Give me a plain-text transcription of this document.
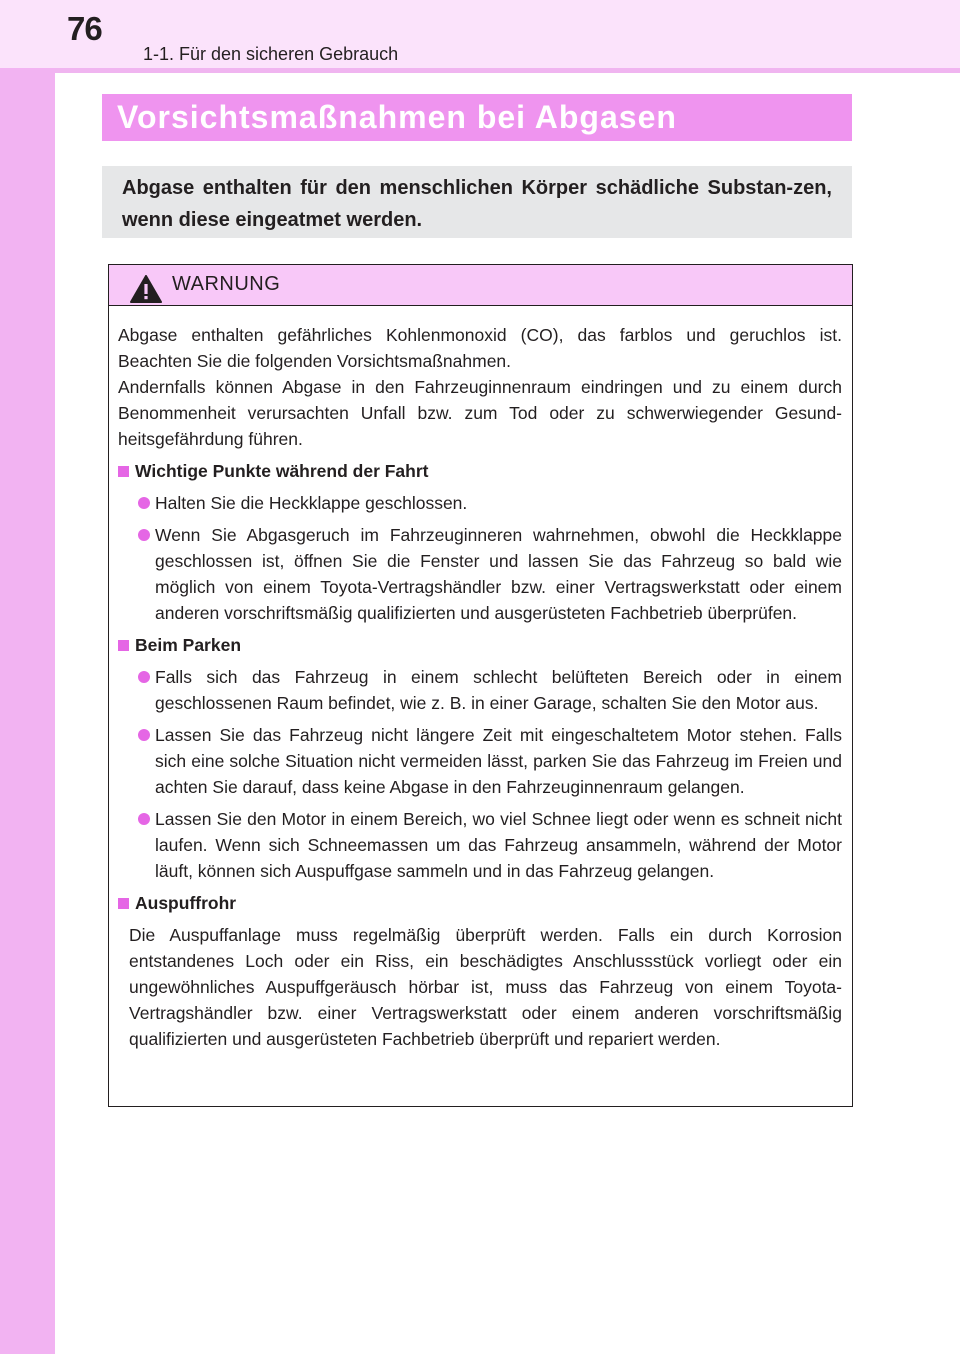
76
1-1. Für den sicheren Gebrauch
Vorsichtsmaßnahmen bei Abgasen
Abgase enthalten für den menschlichen Körper schädliche Substan-zen, wenn diese eingeatmet werden.
WARNUNG
Abgase enthalten gefährliches Kohlenmonoxid (CO), das farblos und geruchlos ist.
Beachten Sie die folgenden Vorsichtsmaßnahmen.
Andernfalls können Abgase in den Fahrzeuginnenraum eindringen und zu einem durch
Benommenheit verursachten Unfall bzw. zum Tod oder zu schwerwiegender Gesund-
heitsgefährdung führen.
Wichtige Punkte während der Fahrt
Halten Sie die Heckklappe geschlossen.
Wenn Sie Abgasgeruch im Fahrzeuginneren wahrnehmen, obwohl die Heckklappe geschlossen ist, öffnen Sie die Fenster und lassen Sie das Fahrzeug so bald wie möglich von einem Toyota-Vertragshändler bzw. einer Vertragswerkstatt oder einem anderen vorschriftsmäßig qualifizierten und ausgerüsteten Fachbetrieb überprüfen.
Beim Parken
Falls sich das Fahrzeug in einem schlecht belüfteten Bereich oder in einem geschlossenen Raum befindet, wie z. B. in einer Garage, schalten Sie den Motor aus.
Lassen Sie das Fahrzeug nicht längere Zeit mit eingeschaltetem Motor stehen. Falls sich eine solche Situation nicht vermeiden lässt, parken Sie das Fahrzeug im Freien und achten Sie darauf, dass keine Abgase in den Fahrzeuginnenraum gelangen.
Lassen Sie den Motor in einem Bereich, wo viel Schnee liegt oder wenn es schneit nicht laufen. Wenn sich Schneemassen um das Fahrzeug ansammeln, während der Motor läuft, können sich Auspuffgase sammeln und in das Fahrzeug gelangen.
Auspuffrohr
Die Auspuffanlage muss regelmäßig überprüft werden. Falls ein durch Korrosion entstandenes Loch oder ein Riss, ein beschädigtes Anschlussstück vorliegt oder ein ungewöhnliches Auspuffgeräusch hörbar ist, muss das Fahrzeug von einem Toyota-Vertragshändler bzw. einer Vertragswerkstatt oder einem anderen vorschriftsmäßig qualifizierten und ausgerüsteten Fachbetrieb überprüft und repariert werden.
